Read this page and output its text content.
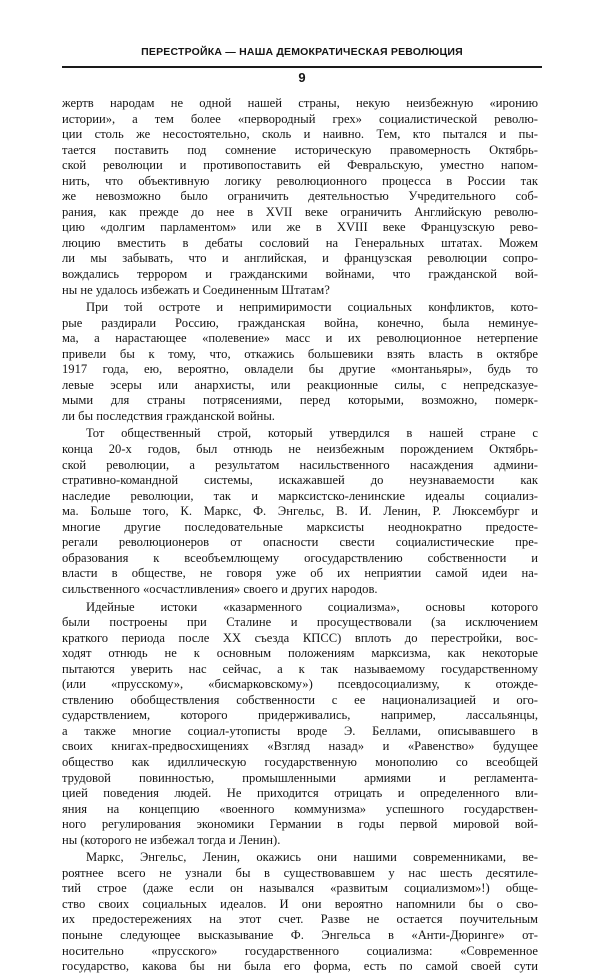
ПЕРЕСТРОЙКА — НАША ДЕМОКРАТИЧЕСКАЯ РЕВОЛЮЦИЯ
9

жертв народам не одной нашей страны, некую неизбежную «иронию
истории», а тем более «первородный грех» социалистической револю-
ции столь же несостоятельно, сколь и наивно. Тем, кто пытался и пы-
тается поставить под сомнение историческую правомерность Октябрь-
ской революции и противопоставить ей Февральскую, уместно напом-
нить, что объективную логику революционного процесса в России так
же невозможно было ограничить деятельностью Учредительного соб-
рания, как прежде до нее в XVII веке ограничить Английскую револю-
цию «долгим парламентом» или же в XVIII веке Французскую рево-
люцию вместить в дебаты сословий на Генеральных штатах. Можем
ли мы забывать, что и английская, и французская революции сопро-
вождались террором и гражданскими войнами, что гражданской вой-
ны не удалось избежать и Соединенным Штатам?

При той остроте и непримиримости социальных конфликтов, кото-
рые раздирали Россию, гражданская война, конечно, была неминуе-
ма, а нарастающее «полевение» масс и их революционное нетерпение
привели бы к тому, что, откажись большевики взять власть в октябре
1917 года, ею, вероятно, овладели бы другие «монтаньяры», будь то
левые эсеры или анархисты, или реакционные силы, с непредсказуе-
мыми для страны потрясениями, перед которыми, возможно, померк-
ли бы последствия гражданской войны.

Тот общественный строй, который утвердился в нашей стране с
конца 20-х годов, был отнюдь не неизбежным порождением Октябрь-
ской революции, а результатом насильственного насаждения админи-
стративно-командной системы, искажавшей до неузнаваемости как
наследие революции, так и марксистско-ленинские идеалы социализ-
ма. Больше того, К. Маркс, Ф. Энгельс, В. И. Ленин, Р. Люксембург и
многие другие последовательные марксисты неоднократно предосте-
регали революционеров от опасности свести социалистические пре-
образования к всеобъемлющему огосударствлению собственности и
власти в обществе, не говоря уже об их неприятии самой идеи на-
сильственного «осчастливления» своего и других народов.

Идейные истоки «казарменного социализма», основы которого
были построены при Сталине и просуществовали (за исключением
краткого периода после XX съезда КПСС) вплоть до перестройки, вос-
ходят отнюдь не к основным положениям марксизма, как некоторые
пытаются уверить нас сейчас, а к так называемому государственному
(или «прусскому», «бисмарковскому») псевдосоциализму, к отожде-
ствлению обобществления собственности с ее национализацией и ого-
сударствлением, которого придерживались, например, лассальянцы,
а также многие социал-утописты вроде Э. Беллами, описывавшего в
своих книгах-предвосхищениях «Взгляд назад» и «Равенство» будущее
общество как идиллическую государственную монополию со всеобщей
трудовой повинностью, промышленными армиями и регламента-
цией поведения людей. Не приходится отрицать и определенного вли-
яния на концепцию «военного коммунизма» успешного государствен-
ного регулирования экономики Германии в годы первой мировой вой-
ны (которого не избежал тогда и Ленин).

Маркс, Энгельс, Ленин, окажись они нашими современниками, ве-
роятнее всего не узнали бы в существовавшем у нас шесть десятиле-
тий строе (даже если он назывался «развитым социализмом»!) обще-
ство своих социальных идеалов. И они вероятно напомнили бы о сво-
их предостережениях на этот счет. Разве не остается поучительным
поныне следующее высказывание Ф. Энгельса в «Анти-Дюринге» от-
носительно «прусского» государственного социализма: «Современное
государство, какова бы ни была его форма, есть по самой своей сути
